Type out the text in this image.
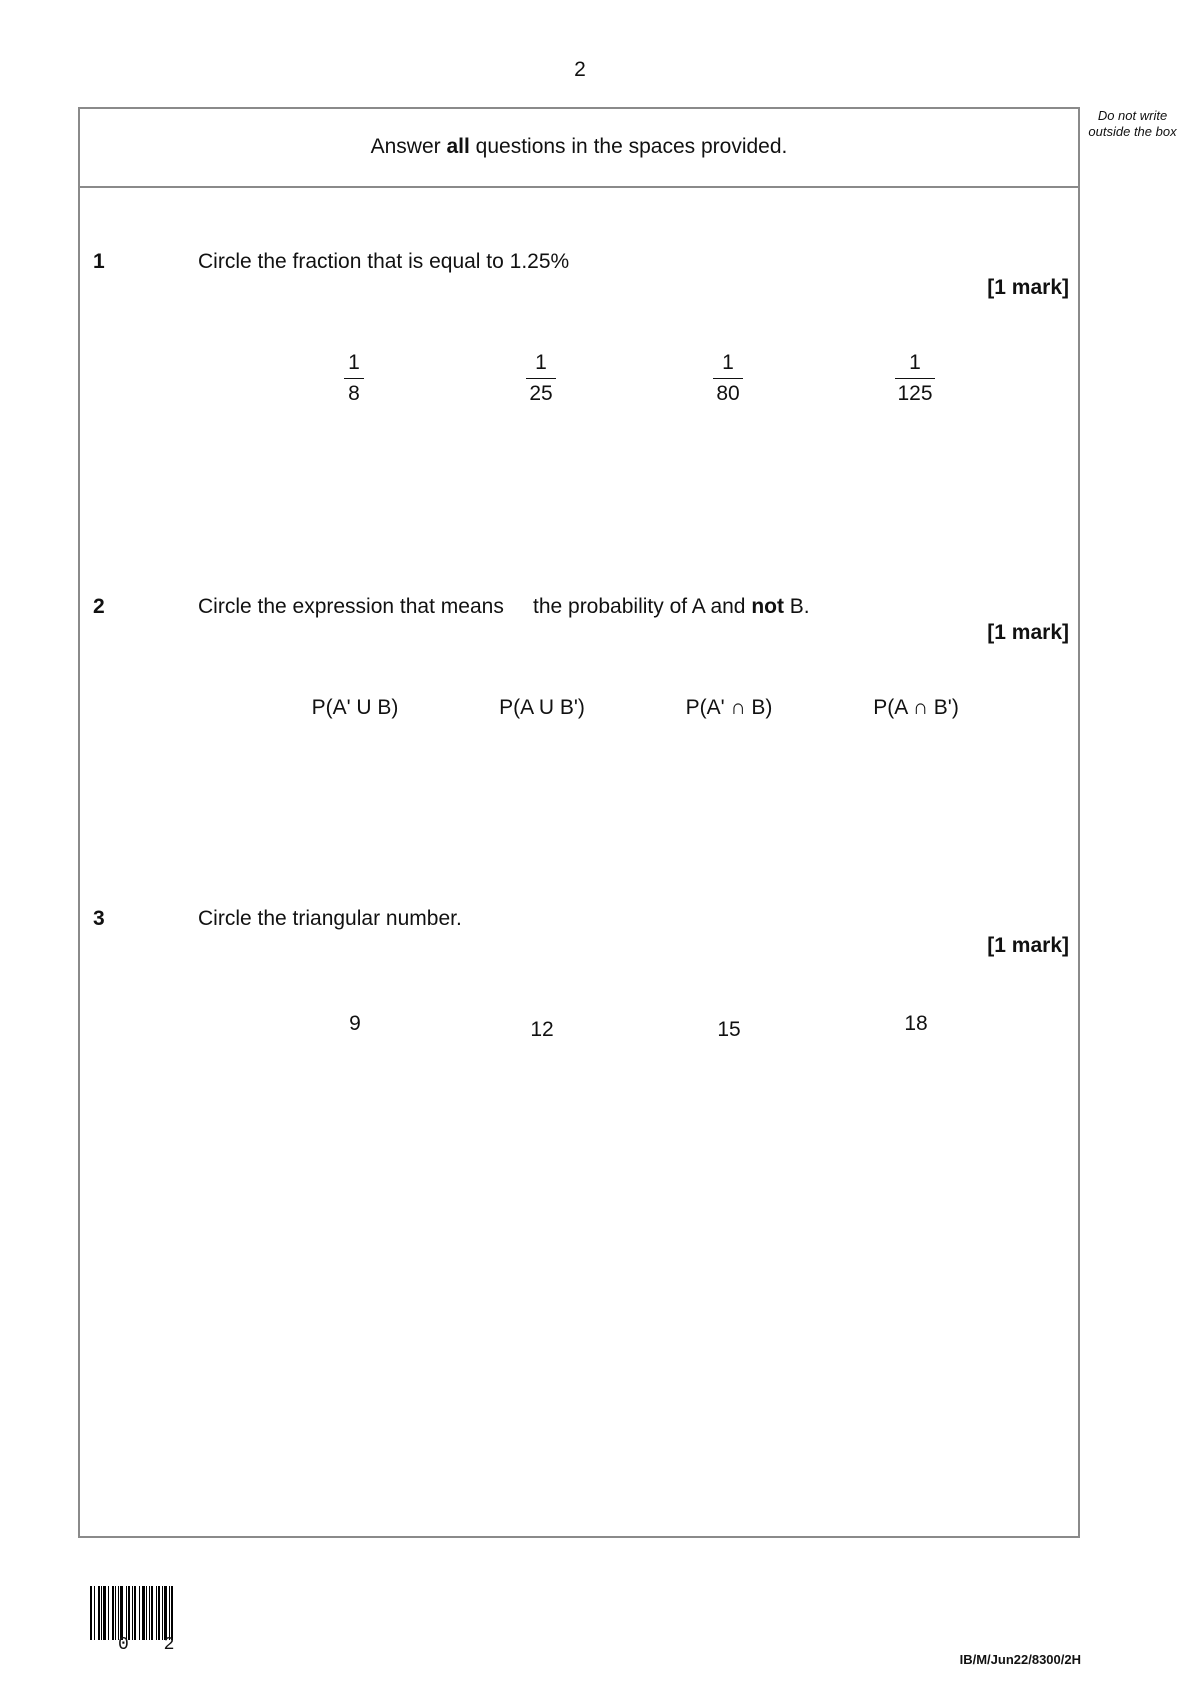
2
Do not write outside the box
Answer all questions in the spaces provided.
1	Circle the fraction that is equal to 1.25%
[1 mark]
1
8
1
25
1
80
1
125
2	Circle the expression that means     the probability of A and not B.
[1 mark]
P(A' U B)	P(A U B')	P(A' ∩ B)	P(A ∩ B')
3	Circle the triangular number.
[1 mark]
9	12	15	18
0 2
IB/M/Jun22/8300/2H
